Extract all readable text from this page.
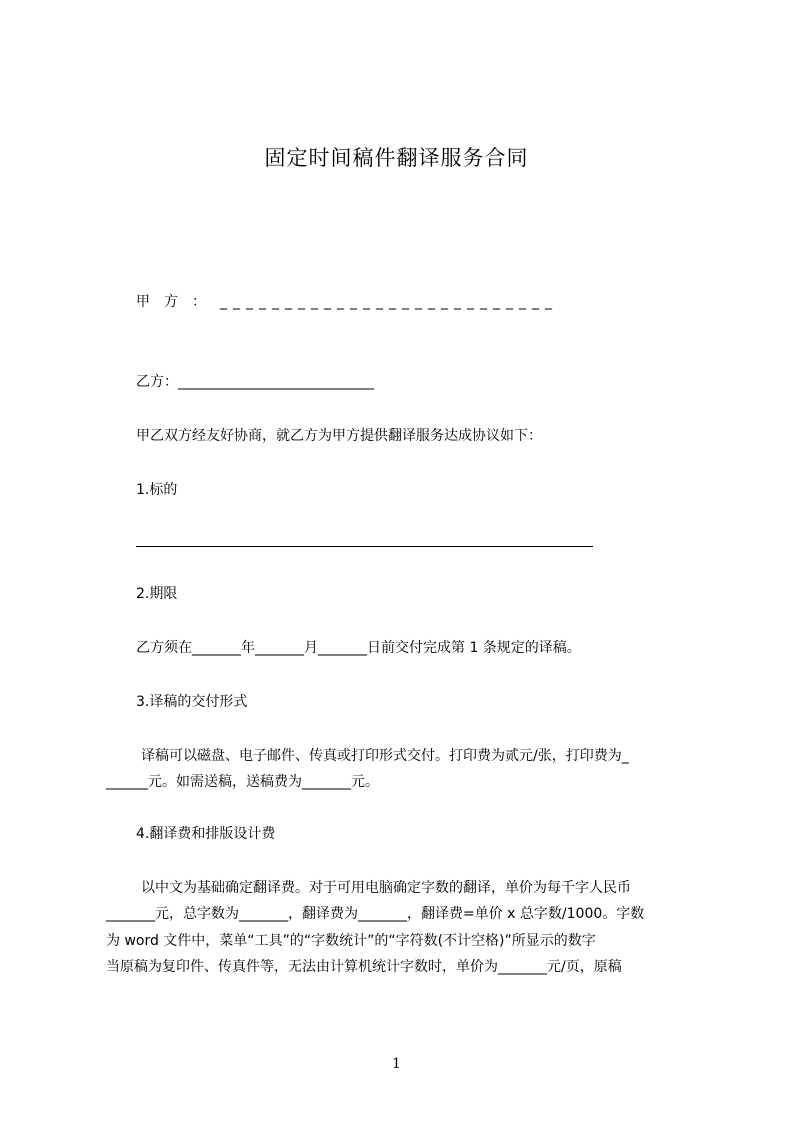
固定时间稿件翻译服务合同
甲方：__________________________
乙方：____________________________
甲乙双方经友好协商，就乙方为甲方提供翻译服务达成协议如下：
1.标的
2.期限
乙方须在_______年_______月_______日前交付完成第 1 条规定的译稿。
3.译稿的交付形式
译稿可以磁盘、电子邮件、传真或打印形式交付。打印费为贰元/张，打印费为_
______元。如需送稿，送稿费为_______元。
4.翻译费和排版设计费
以中文为基础确定翻译费。对于可用电脑确定字数的翻译，单价为每千字人民币
_______元，总字数为_______，翻译费为_______，翻译费=单价 x 总字数/1000。字数
为 word 文件中，菜单“工具”的“字数统计”的“字符数(不计空格)”所显示的数字
当原稿为复印件、传真件等，无法由计算机统计字数时，单价为_______元/页，原稿
1
